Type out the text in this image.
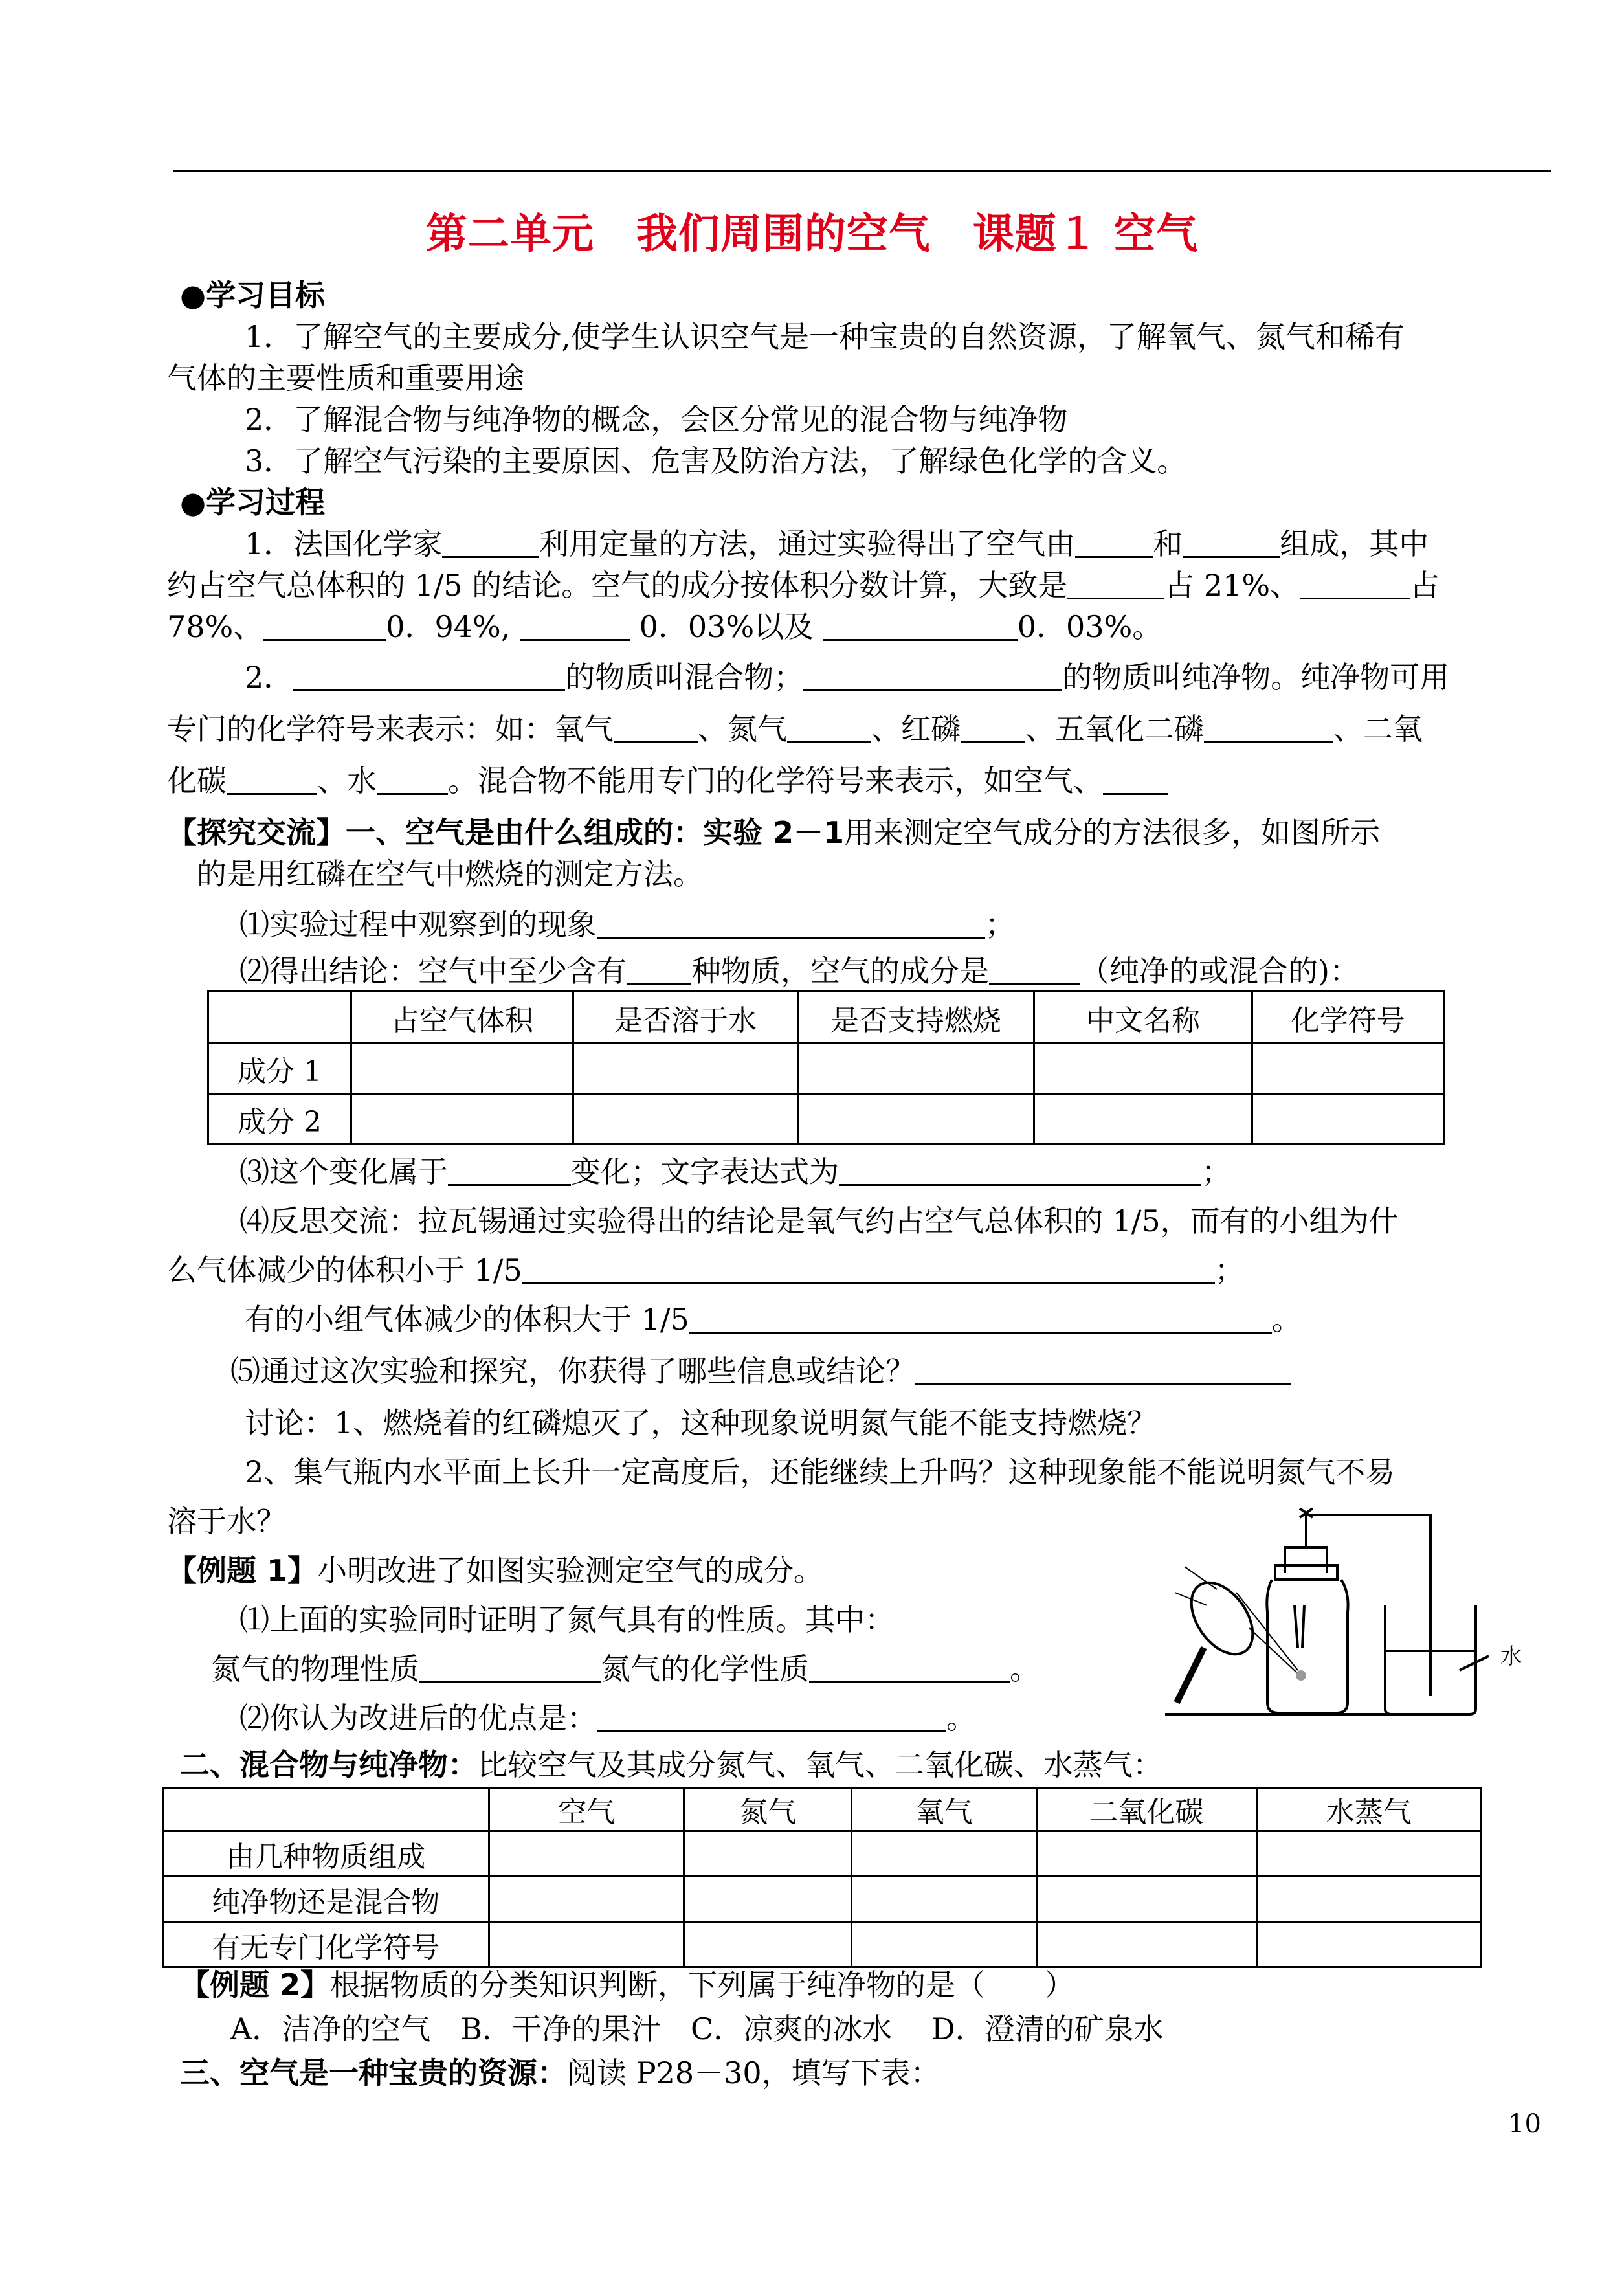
第二单元　我们周围的空气　课题１ 空气
●学习目标
1．了解空气的主要成分,使学生认识空气是一种宝贵的自然资源，了解氧气、氮气和稀有
气体的主要性质和重要用途
2．了解混合物与纯净物的概念，会区分常见的混合物与纯净物
3．了解空气污染的主要原因、危害及防治方法，了解绿色化学的含义。
●学习过程
1．法国化学家	利用定量的方法，通过实验得出了空气由	和	组成，其中
约占空气总体积的 1/5 的结论。空气的成分按体积分数计算，大致是	占 21%、	占
78%、	0．94%,	0．03%以及	0．03%。
2．	的物质叫混合物；	的物质叫纯净物。纯净物可用
专门的化学符号来表示：如：氧气	、氮气	、红磷 、五氧化二磷	、二氧
化碳	、水 。混合物不能用专门的化学符号来表示，如空气、
【探究交流】一、空气是由什么组成的：实验 2－1用来测定空气成分的方法很多，如图所示
的是用红磷在空气中燃烧的测定方法。
⑴实验过程中观察到的现象	；
⑵得出结论：空气中至少含有 种物质，空气的成分是	（纯净的或混合的)：
	占空气体积	是否溶于水	是否支持燃烧	中文名称	化学符号
成分 1					
成分 2					
⑶这个变化属于	变化；文字表达式为	；
⑷反思交流：拉瓦锡通过实验得出的结论是氧气约占空气总体积的 1/5，而有的小组为什
么气体减少的体积小于 1/5	；
有的小组气体减少的体积大于 1/5	。
⑸通过这次实验和探究，你获得了哪些信息或结论？
讨论：1、燃烧着的红磷熄灭了，这种现象说明氮气能不能支持燃烧？
2、集气瓶内水平面上长升一定高度后，还能继续上升吗？这种现象能不能说明氮气不易
溶于水？
【例题 1】小明改进了如图实验测定空气的成分。
⑴上面的实验同时证明了氮气具有的性质。其中：
氮气的物理性质	氮气的化学性质	。
⑵你认为改进后的优点是：	。
水
二、混合物与纯净物：比较空气及其成分氮气、氧气、二氧化碳、水蒸气：
	空气	氮气	氧气	二氧化碳	水蒸气
由几种物质组成					
纯净物还是混合物					
有无专门化学符号					
【例题 2】根据物质的分类知识判断，下列属于纯净物的是（　　）
A．洁净的空气　B．干净的果汁　C．凉爽的冰水　 D．澄清的矿泉水
三、空气是一种宝贵的资源：阅读 P28－30，填写下表：
10
